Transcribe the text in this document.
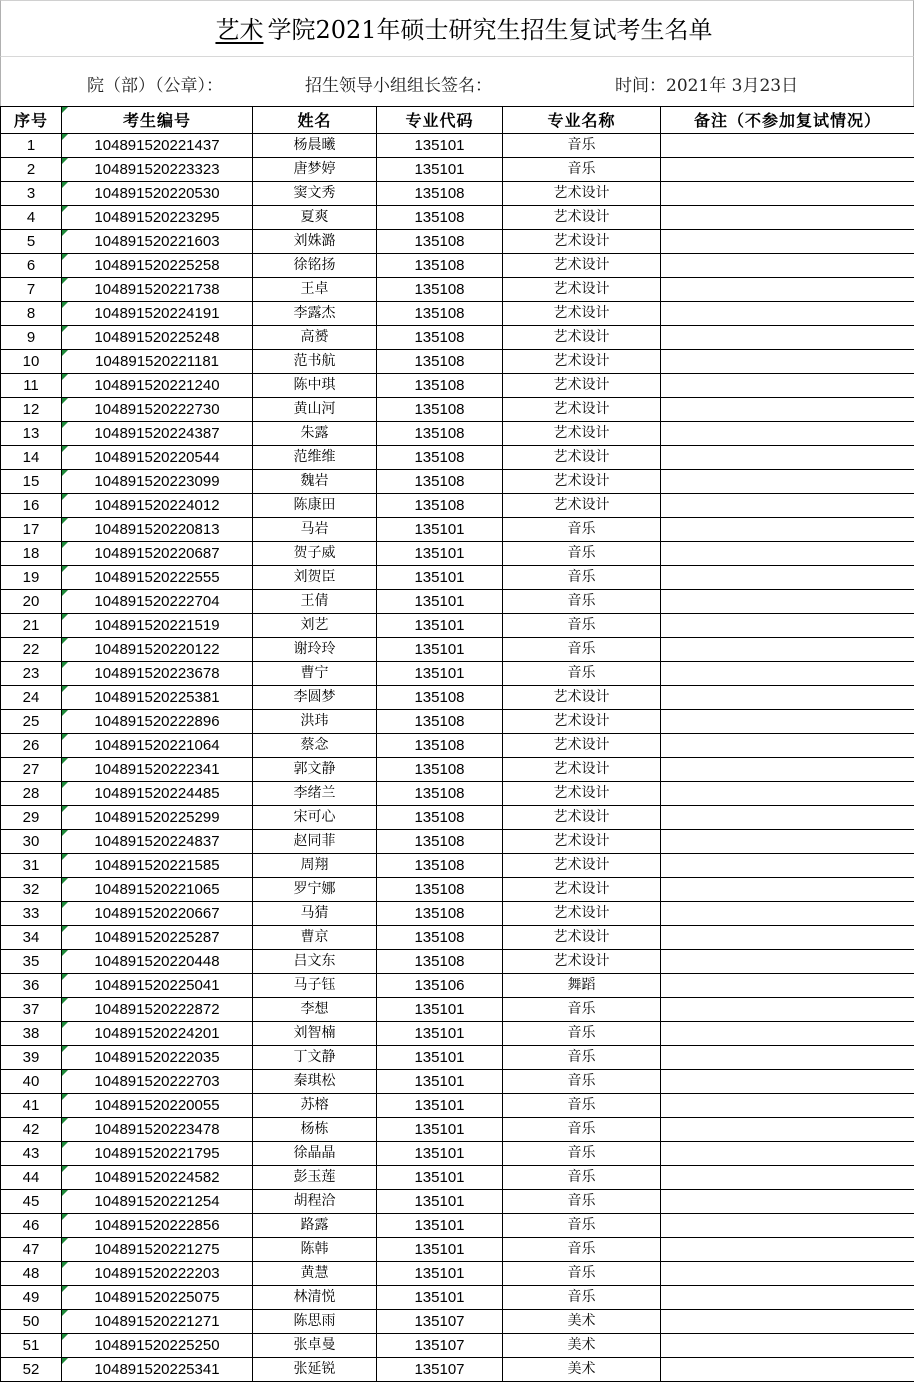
艺术 学院2021年硕士研究生招生复试考生名单
院（部）（公章）：	招生领导小组组长签名：	时间：2021年 3月23日
序号	考生编号	姓名	专业代码	专业名称	备注（不参加复试情况）
1	104891520221437	杨晨曦	135101	音乐	
2	104891520223323	唐梦婷	135101	音乐	
3	104891520220530	窦文秀	135108	艺术设计	
4	104891520223295	夏爽	135108	艺术设计	
5	104891520221603	刘姝潞	135108	艺术设计	
6	104891520225258	徐铭扬	135108	艺术设计	
7	104891520221738	王卓	135108	艺术设计	
8	104891520224191	李露杰	135108	艺术设计	
9	104891520225248	高赟	135108	艺术设计	
10	104891520221181	范书航	135108	艺术设计	
11	104891520221240	陈中琪	135108	艺术设计	
12	104891520222730	黄山河	135108	艺术设计	
13	104891520224387	朱露	135108	艺术设计	
14	104891520220544	范维维	135108	艺术设计	
15	104891520223099	魏岩	135108	艺术设计	
16	104891520224012	陈康田	135108	艺术设计	
17	104891520220813	马岩	135101	音乐	
18	104891520220687	贺子威	135101	音乐	
19	104891520222555	刘贺臣	135101	音乐	
20	104891520222704	王倩	135101	音乐	
21	104891520221519	刘艺	135101	音乐	
22	104891520220122	谢玲玲	135101	音乐	
23	104891520223678	曹宁	135101	音乐	
24	104891520225381	李圆梦	135108	艺术设计	
25	104891520222896	洪玮	135108	艺术设计	
26	104891520221064	蔡念	135108	艺术设计	
27	104891520222341	郭文静	135108	艺术设计	
28	104891520224485	李绪兰	135108	艺术设计	
29	104891520225299	宋可心	135108	艺术设计	
30	104891520224837	赵同菲	135108	艺术设计	
31	104891520221585	周翔	135108	艺术设计	
32	104891520221065	罗宁娜	135108	艺术设计	
33	104891520220667	马猜	135108	艺术设计	
34	104891520225287	曹京	135108	艺术设计	
35	104891520220448	吕文东	135108	艺术设计	
36	104891520225041	马子钰	135106	舞蹈	
37	104891520222872	李想	135101	音乐	
38	104891520224201	刘智楠	135101	音乐	
39	104891520222035	丁文静	135101	音乐	
40	104891520222703	秦琪松	135101	音乐	
41	104891520220055	苏榕	135101	音乐	
42	104891520223478	杨栋	135101	音乐	
43	104891520221795	徐晶晶	135101	音乐	
44	104891520224582	彭玉莲	135101	音乐	
45	104891520221254	胡程洽	135101	音乐	
46	104891520222856	路露	135101	音乐	
47	104891520221275	陈韩	135101	音乐	
48	104891520222203	黄慧	135101	音乐	
49	104891520225075	林清悦	135101	音乐	
50	104891520221271	陈思雨	135107	美术	
51	104891520225250	张卓曼	135107	美术	
52	104891520225341	张延锐	135107	美术	
